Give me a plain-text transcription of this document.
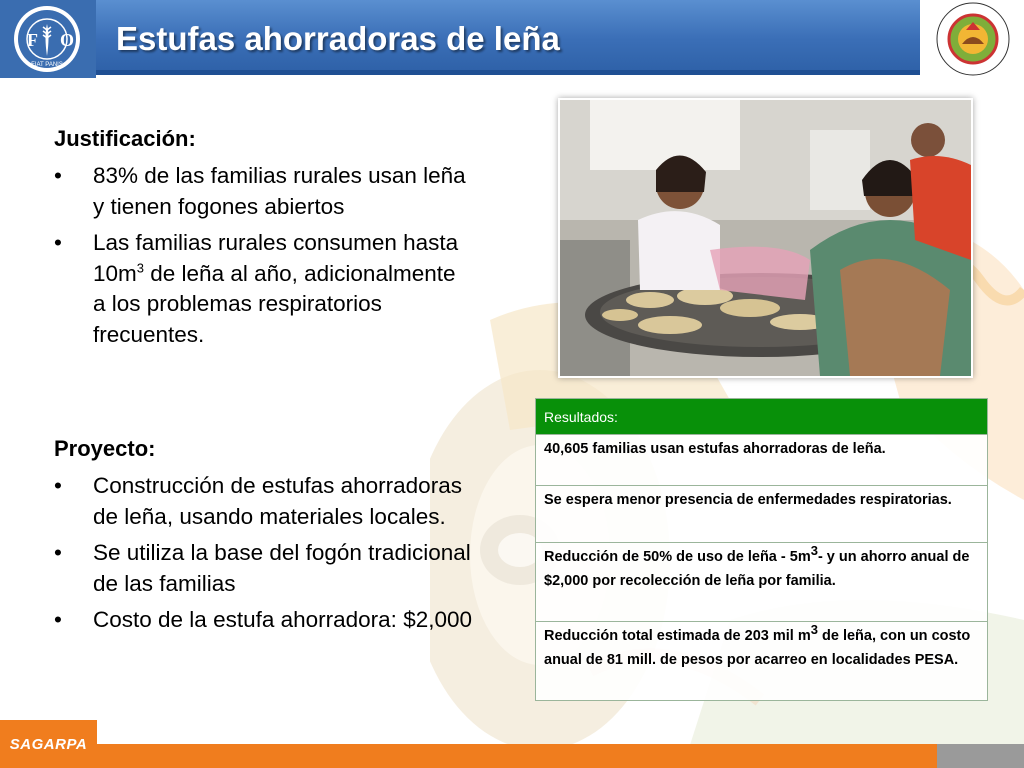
F O
FIAT PANIS
Estufas ahorradoras de leña
Justificación:
• 83% de las familias rurales usan leña y tienen fogones abiertos
• Las familias rurales consumen hasta $10m^3$ de leña al año, adicionalmente a los problemas respiratorios frecuentes.
Proyecto:
• Construcción de estufas ahorradoras de leña, usando materiales locales.
• Se utiliza la base del fogón tradicional de las familias
• Costo de la estufa ahorradora: $2,000
Resultados:
40,605 familias usan estufas ahorradoras de leña.
Se espera menor presencia de enfermedades respiratorias.
Reducción de 50% de uso de leña - $5m^3-$ y un ahorro anual de $2,000 por recolección de leña por familia.
Reducción total estimada de 203 mil $m^3$ de leña, con un costo anual de 81 mill. de pesos por acarreo en localidades PESA.
SAGARPA
